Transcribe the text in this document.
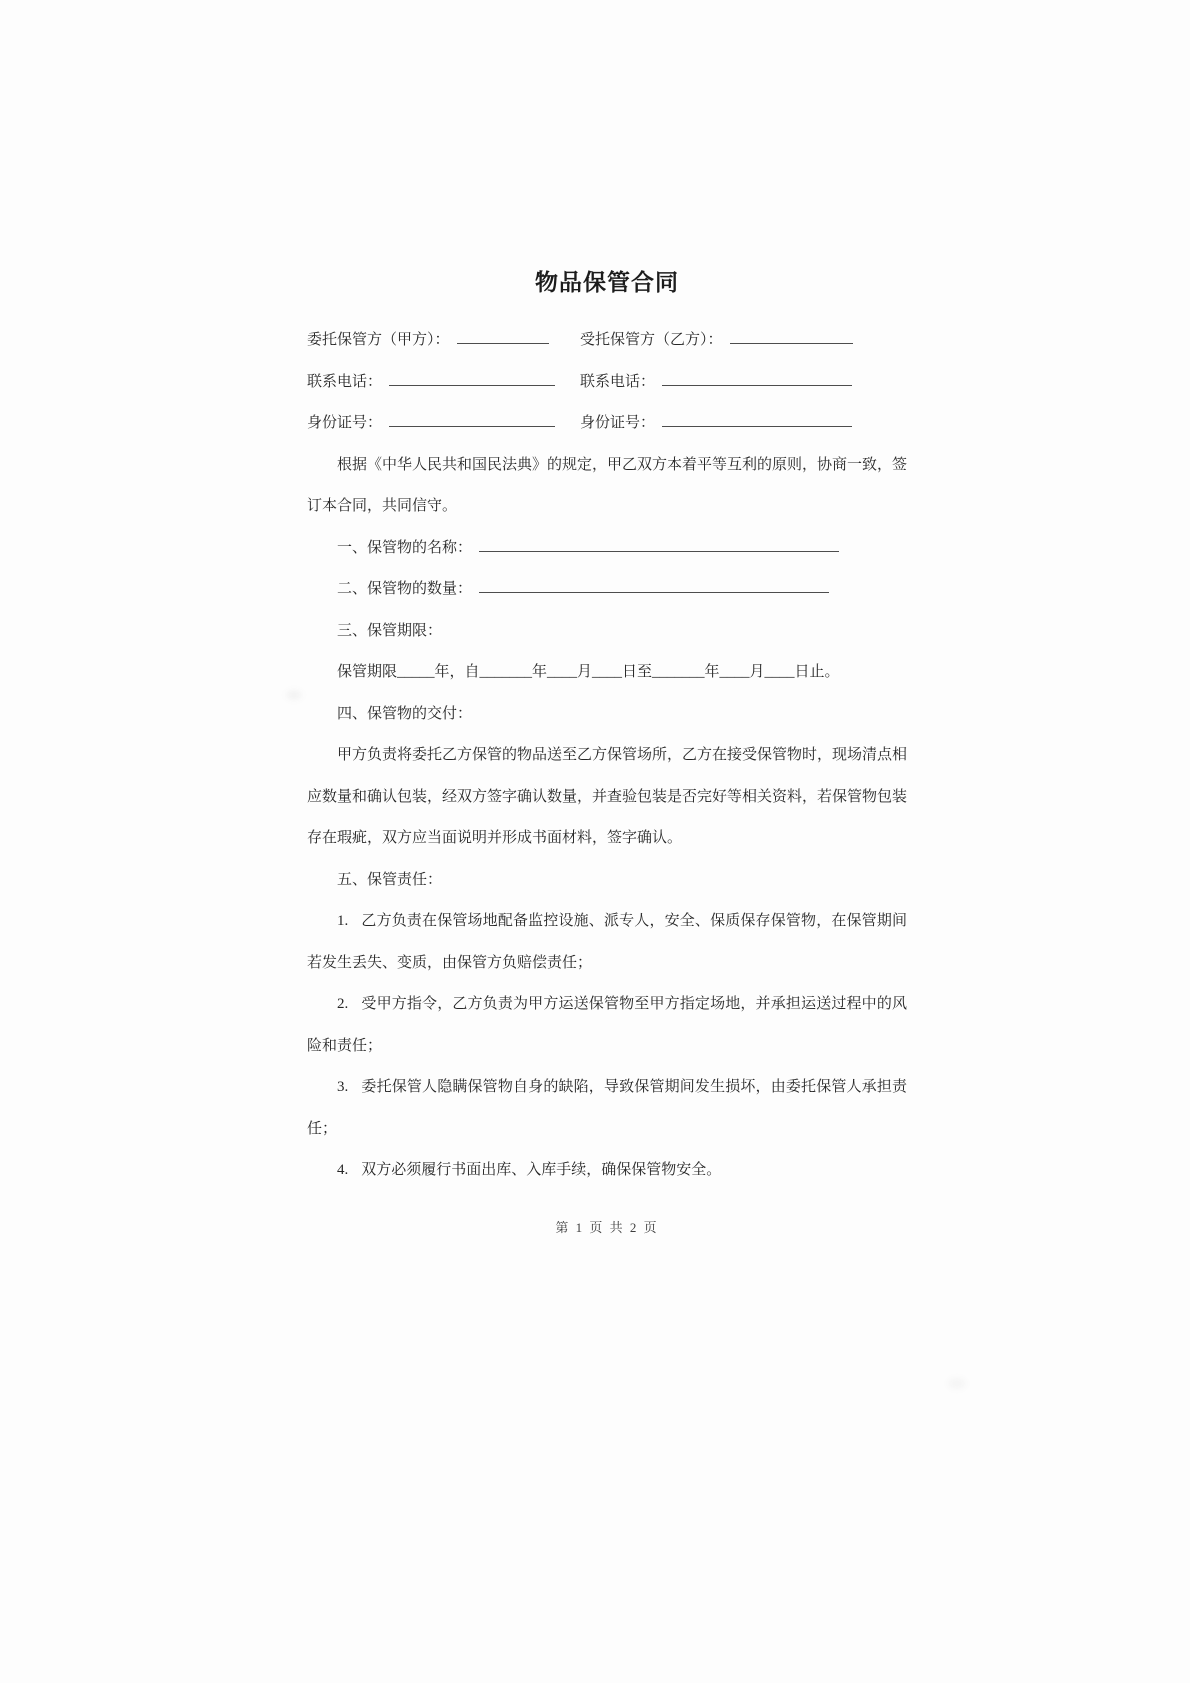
物品保管合同
委托保管方（甲方）：	受托保管方（乙方）：
联系电话：	联系电话：
身份证号：	身份证号：

根据《中华人民共和国民法典》的规定，甲乙双方本着平等互利的原则，协商一致，签订本合同，共同信守。

一、保管物的名称：
二、保管物的数量：
三、保管期限：
保管期限_____年，自_______年____月____日至_______年____月____日止。
四、保管物的交付：

甲方负责将委托乙方保管的物品送至乙方保管场所，乙方在接受保管物时，现场清点相应数量和确认包装，经双方签字确认数量，并查验包装是否完好等相关资料，若保管物包装存在瑕疵，双方应当面说明并形成书面材料，签字确认。

五、保管责任：

1. 乙方负责在保管场地配备监控设施、派专人，安全、保质保存保管物，在保管期间若发生丢失、变质，由保管方负赔偿责任；

2. 受甲方指令，乙方负责为甲方运送保管物至甲方指定场地，并承担运送过程中的风险和责任；

3. 委托保管人隐瞒保管物自身的缺陷，导致保管期间发生损坏，由委托保管人承担责任；

4. 双方必须履行书面出库、入库手续，确保保管物安全。

第 1 页 共 2 页
